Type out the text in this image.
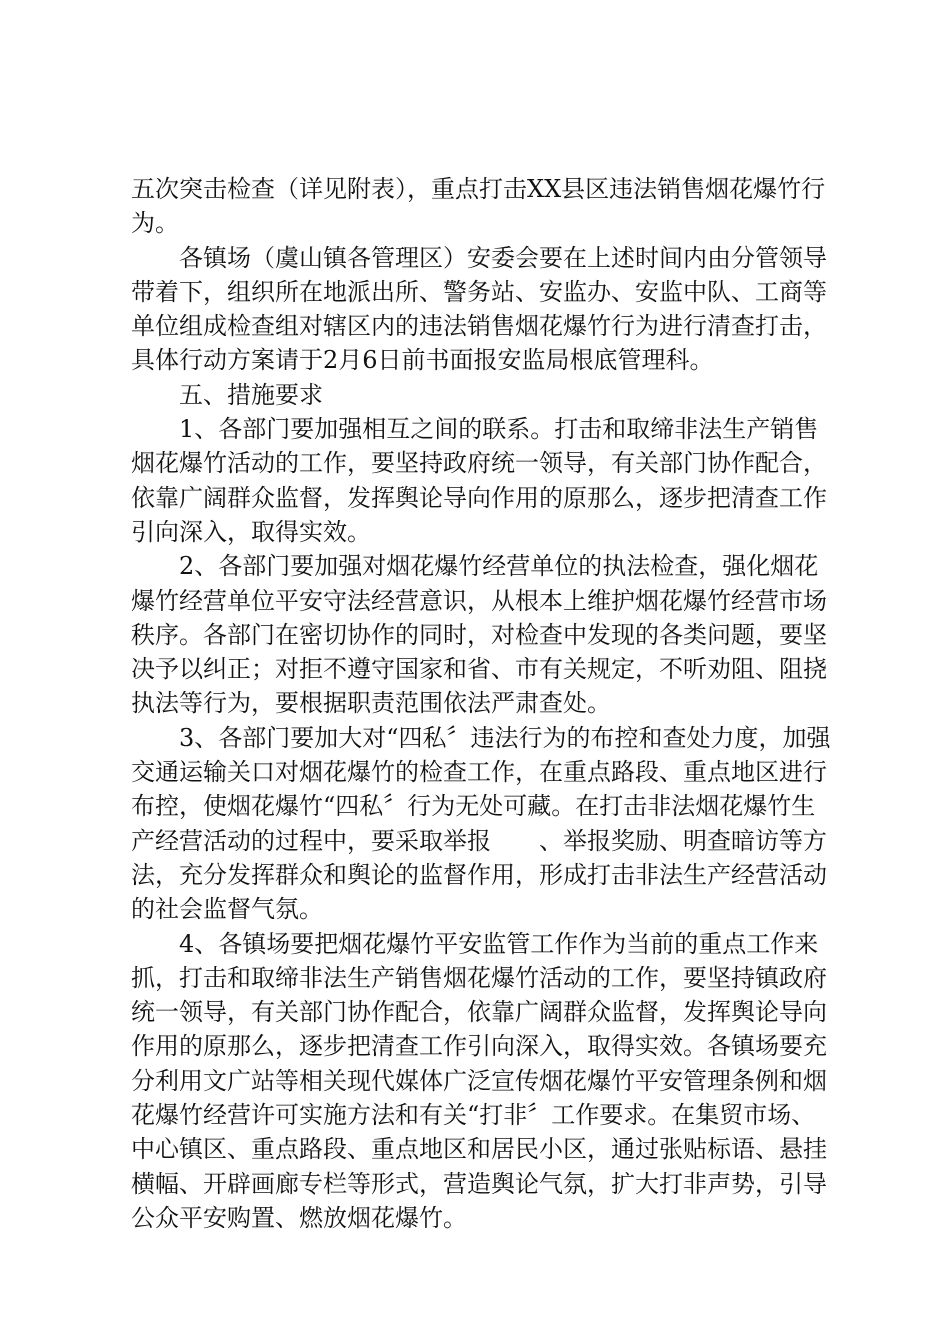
五次突击检查（详见附表），重点打击XX县区违法销售烟花爆竹行为。

各镇场（虞山镇各管理区）安委会要在上述时间内由分管领导带着下，组织所在地派出所、警务站、安监办、安监中队、工商等单位组成检查组对辖区内的违法销售烟花爆竹行为进行清查打击，具体行动方案请于2月6日前书面报安监局根底管理科。

五、措施要求

1、各部门要加强相互之间的联系。打击和取缔非法生产销售烟花爆竹活动的工作，要坚持政府统一领导，有关部门协作配合，依靠广阔群众监督，发挥舆论导向作用的原那么，逐步把清查工作引向深入，取得实效。

2、各部门要加强对烟花爆竹经营单位的执法检查，强化烟花爆竹经营单位平安守法经营意识，从根本上维护烟花爆竹经营市场秩序。各部门在密切协作的同时，对检查中发现的各类问题，要坚决予以纠正；对拒不遵守国家和省、市有关规定，不听劝阻、阻挠执法等行为，要根据职责范围依法严肃查处。

3、各部门要加大对“四私〞违法行为的布控和查处力度，加强交通运输关口对烟花爆竹的检查工作，在重点路段、重点地区进行布控，使烟花爆竹“四私〞行为无处可藏。在打击非法烟花爆竹生产经营活动的过程中，要采取举报　　、举报奖励、明查暗访等方法，充分发挥群众和舆论的监督作用，形成打击非法生产经营活动的社会监督气氛。

4、各镇场要把烟花爆竹平安监管工作作为当前的重点工作来抓，打击和取缔非法生产销售烟花爆竹活动的工作，要坚持镇政府统一领导，有关部门协作配合，依靠广阔群众监督，发挥舆论导向作用的原那么，逐步把清查工作引向深入，取得实效。各镇场要充分利用文广站等相关现代媒体广泛宣传烟花爆竹平安管理条例和烟花爆竹经营许可实施方法和有关“打非〞工作要求。在集贸市场、中心镇区、重点路段、重点地区和居民小区，通过张贴标语、悬挂横幅、开辟画廊专栏等形式，营造舆论气氛，扩大打非声势，引导公众平安购置、燃放烟花爆竹。
